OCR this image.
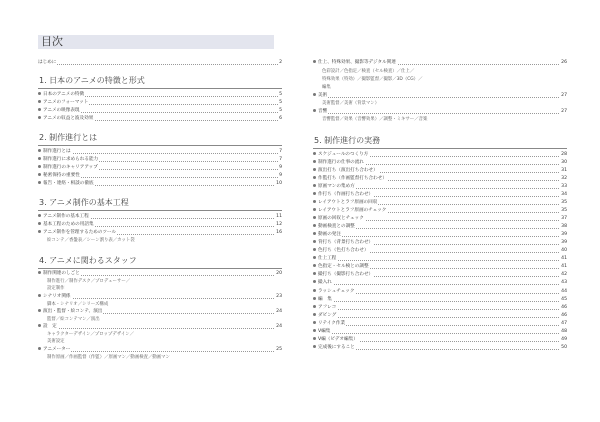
目次
はじめに	2
1. 日本のアニメの特徴と形式
日本のアニメの特徴	5
アニメのフォーマット	5
アニメの映像表現	5
アニメの収益と波及効果	6
2. 制作進行とは
制作進行とは	7
制作進行に求められる能力	7
制作進行のキャリアアップ	9
秘密保持の重要性	9
報告・連絡・相談の徹底	10
3. アニメ制作の基本工程
アニメ制作の基本工程	11
基本工程のための用語集	12
アニメ制作を管理するためのツール	16
絵コンテ／香盤表／シーン割り表／カット袋
4. アニメに関わるスタッフ
制作関連のしごと	20
制作進行／制作デスク／プロデューサー／
設定制作
シナリオ関係	23
脚本・シナリオ／シリーズ構成
演出・監督・絵コンテ、演出	24
監督／絵コンテマン／演出
設　定	24
キャラクターデザイン／プロップデザイン／
美術設定
アニメーター	25
制作原画／作画監督（作監）／原画マン／動画検査／動画マン
仕上、特殊効果、撮影等デジタル関連	26
色彩設計／色指定／検査（セル検査）／仕上／
特殊効果（特効）／撮影監督／撮影／3D（CG）／
編集
美術	27
美術監督／美術（背景マン）
音響	27
音響監督／効果（音響効果）／調整・ミキサー／音楽
5. 制作進行の実務
スケジュールのつくり方	28
制作進行の仕事の流れ	30
演出打ち（演出打ち合わせ）	31
作監打ち（作画監督打ち合わせ）	32
原画マンの集め方	33
作打ち（作画打ち合わせ）	34
レイアウトとラフ原画の回収	35
レイアウトとラフ原画のチェック	35
原画の回収とチェック	37
動画検査との調整	38
動画の発注	39
背打ち（背景打ち合わせ）	39
色打ち（色打ち合わせ）	40
仕上工程	41
色指定・セル検との調整	41
撮打ち（撮影打ち合わせ）	42
撮入れ	43
ラッシュチェック	44
編　集	45
アフレコ	46
ダビング	46
リテイク作業	47
V編集	48
V編（ビデオ編集）	49
完成後にすること	50
